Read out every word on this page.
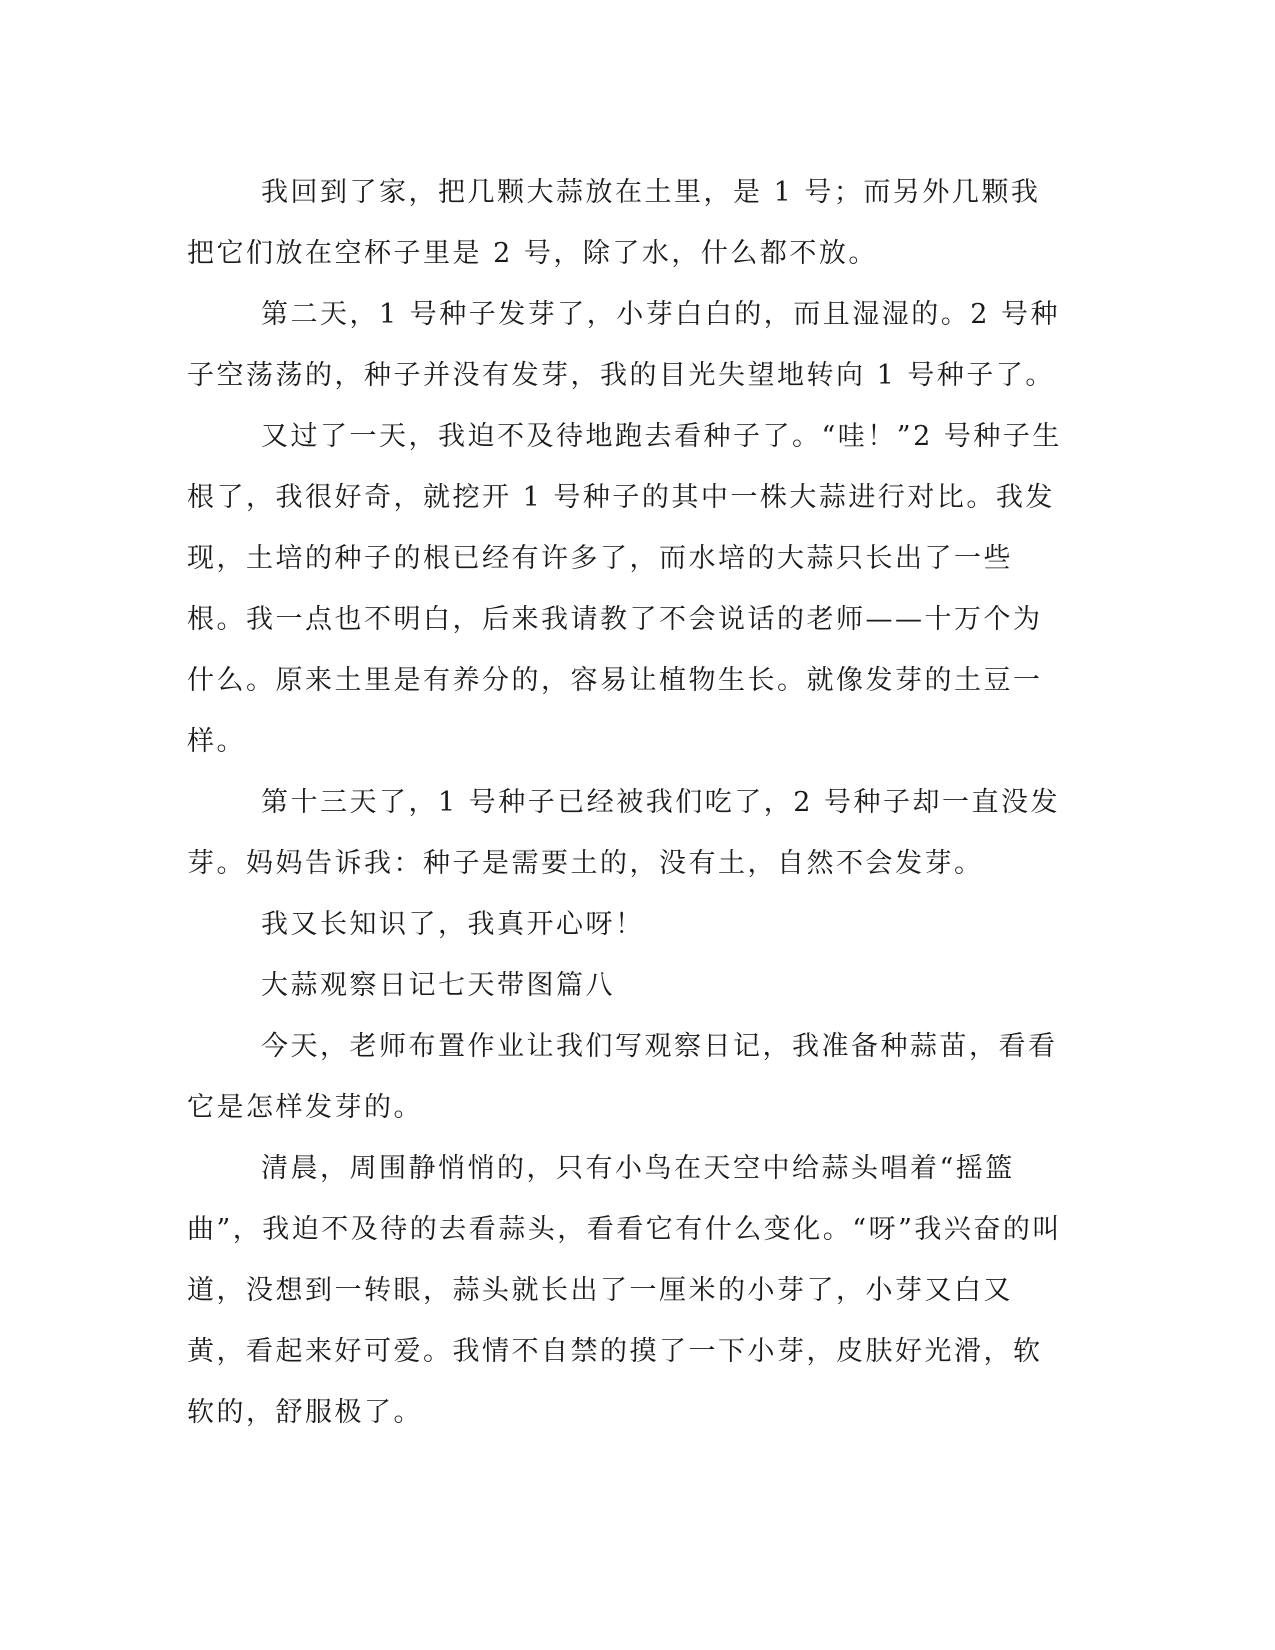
我回到了家，把几颗大蒜放在土里，是 1 号；而另外几颗我把它们放在空杯子里是 2 号，除了水，什么都不放。

第二天，1 号种子发芽了，小芽白白的，而且湿湿的。2 号种子空荡荡的，种子并没有发芽，我的目光失望地转向 1 号种子了。

又过了一天，我迫不及待地跑去看种子了。“哇！”2 号种子生根了，我很好奇，就挖开 1 号种子的其中一株大蒜进行对比。我发现，土培的种子的根已经有许多了，而水培的大蒜只长出了一些根。我一点也不明白，后来我请教了不会说话的老师——十万个为什么。原来土里是有养分的，容易让植物生长。就像发芽的土豆一样。

第十三天了，1 号种子已经被我们吃了，2 号种子却一直没发芽。妈妈告诉我：种子是需要土的，没有土，自然不会发芽。

我又长知识了，我真开心呀！

大蒜观察日记七天带图篇八

今天，老师布置作业让我们写观察日记，我准备种蒜苗，看看它是怎样发芽的。

清晨，周围静悄悄的，只有小鸟在天空中给蒜头唱着“摇篮曲”，我迫不及待的去看蒜头，看看它有什么变化。“呀”我兴奋的叫道，没想到一转眼，蒜头就长出了一厘米的小芽了，小芽又白又黄，看起来好可爱。我情不自禁的摸了一下小芽，皮肤好光滑，软软的，舒服极了。
